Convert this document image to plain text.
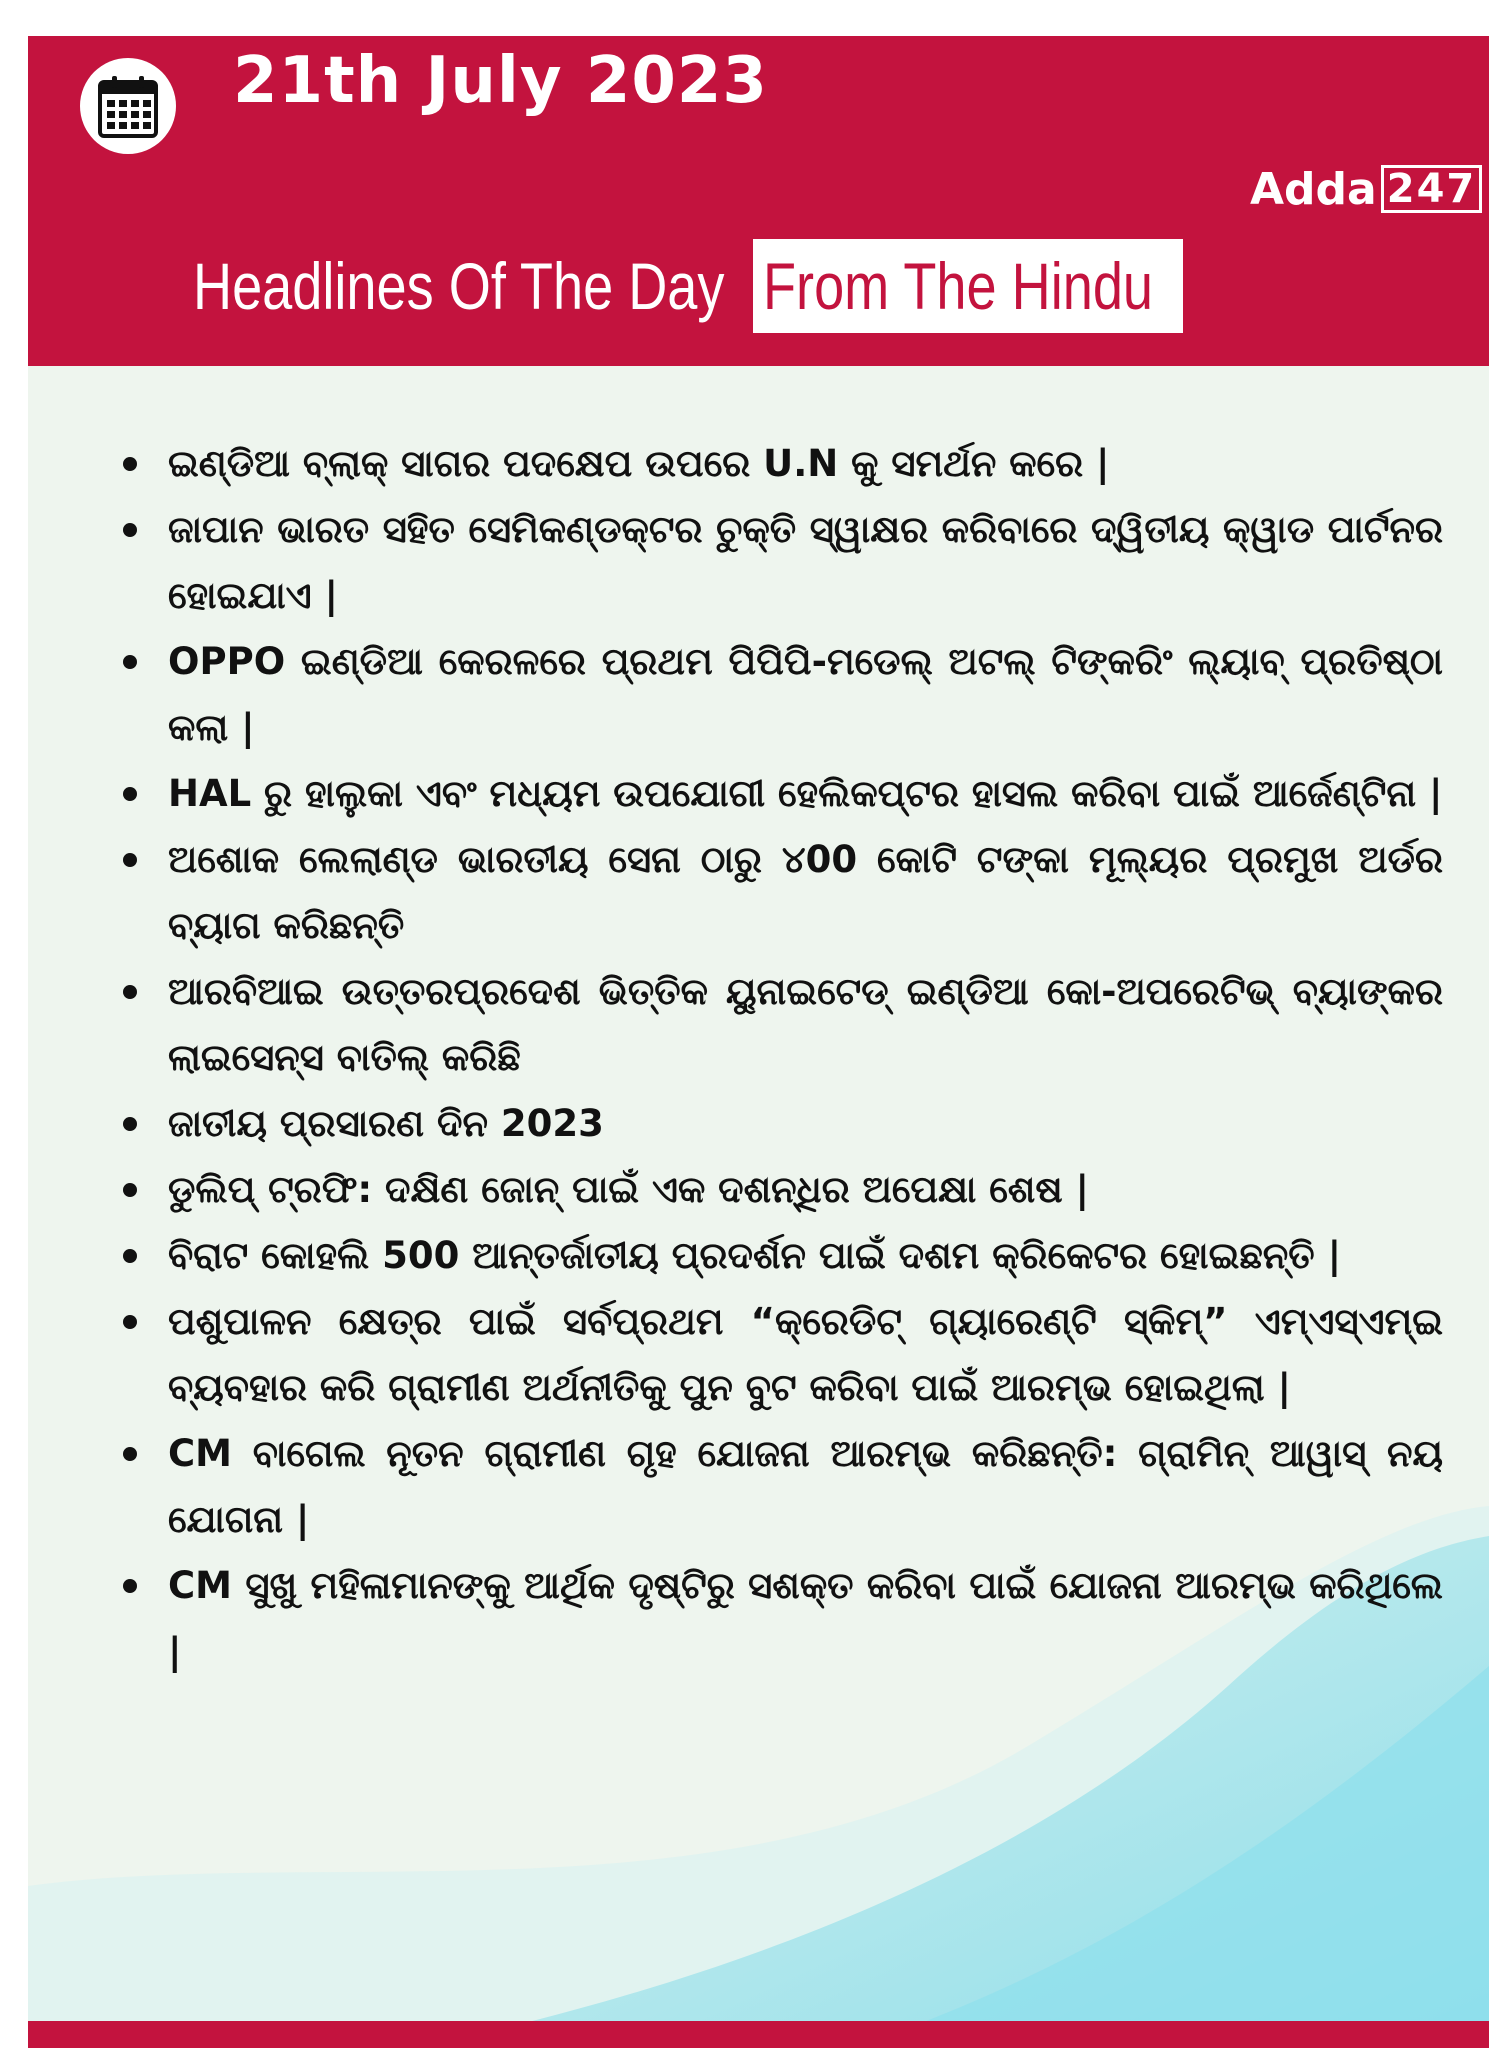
21th July 2023
Adda 247
Headlines Of The Day From The Hindu
ଇଣ୍ଡିଆ ବ୍ଲାକ୍ ସାଗର ପଦକ୍ଷେପ ଉପରେ U.N କୁ ସମର୍ଥନ କରେ |
ଜାପାନ ଭାରତ ସହିତ ସେମିକଣ୍ଡକ୍ଟର ଚୁକ୍ତି ସ୍ୱାକ୍ଷର କରିବାରେ ଦ୍ୱିତୀୟ କ୍ୱାଡ ପାର୍ଟନର ହୋଇଯାଏ |
OPPO ଇଣ୍ଡିଆ କେରଳରେ ପ୍ରଥମ ପିପିପି-ମଡେଲ୍ ଅଟଲ୍ ଟିଙ୍କରିଂ ଲ୍ୟାବ୍ ପ୍ରତିଷ୍ଠା କଲା |
HAL ରୁ ହାଲୁକା ଏବଂ ମଧ୍ୟମ ଉପଯୋଗୀ ହେଲିକପ୍ଟର ହାସଲ କରିବା ପାଇଁ ଆର୍ଜେଣ୍ଟିନା |
ଅଶୋକ ଲେଲାଣ୍ଡ ଭାରତୀୟ ସେନା ଠାରୁ ୪00 କୋଟି ଟଙ୍କା ମୂଲ୍ୟର ପ୍ରମୁଖ ଅର୍ଡର ବ୍ୟାଗ କରିଛନ୍ତି
ଆରବିଆଇ ଉତ୍ତରପ୍ରଦେଶ ଭିତ୍ତିକ ୟୁନାଇଟେଡ୍ ଇଣ୍ଡିଆ କୋ-ଅପରେଟିଭ୍ ବ୍ୟାଙ୍କର ଲାଇସେନ୍ସ ବାତିଲ୍ କରିଛି
ଜାତୀୟ ପ୍ରସାରଣ ଦିନ 2023
ଡୁଲିପ୍ ଟ୍ରଫି: ଦକ୍ଷିଣ ଜୋନ୍ ପାଇଁ ଏକ ଦଶନ୍ଧିର ଅପେକ୍ଷା ଶେଷ |
ବିରାଟ କୋହଲି 500 ଆନ୍ତର୍ଜାତୀୟ ପ୍ରଦର୍ଶନ ପାଇଁ ଦଶମ କ୍ରିକେଟର ହୋଇଛନ୍ତି |
ପଶୁପାଳନ କ୍ଷେତ୍ର ପାଇଁ ସର୍ବପ୍ରଥମ “କ୍ରେଡିଟ୍ ଗ୍ୟାରେଣ୍ଟି ସ୍କିମ୍” ଏମ୍ଏସ୍ଏମ୍ଇ ବ୍ୟବହାର କରି ଗ୍ରାମୀଣ ଅର୍ଥନୀତିକୁ ପୁନ ବୁଟ କରିବା ପାଇଁ ଆରମ୍ଭ ହୋଇଥିଲା |
CM ବାଗେଲ ନୂତନ ଗ୍ରାମୀଣ ଗୃହ ଯୋଜନା ଆରମ୍ଭ କରିଛନ୍ତି: ଗ୍ରାମିନ୍ ଆୱାସ୍ ନୟ ଯୋଗନା |
CM ସୁଖୁ ମହିଳାମାନଙ୍କୁ ଆର୍ଥିକ ଦୃଷ୍ଟିରୁ ସଶକ୍ତ କରିବା ପାଇଁ ଯୋଜନା ଆରମ୍ଭ କରିଥିଲେ |
